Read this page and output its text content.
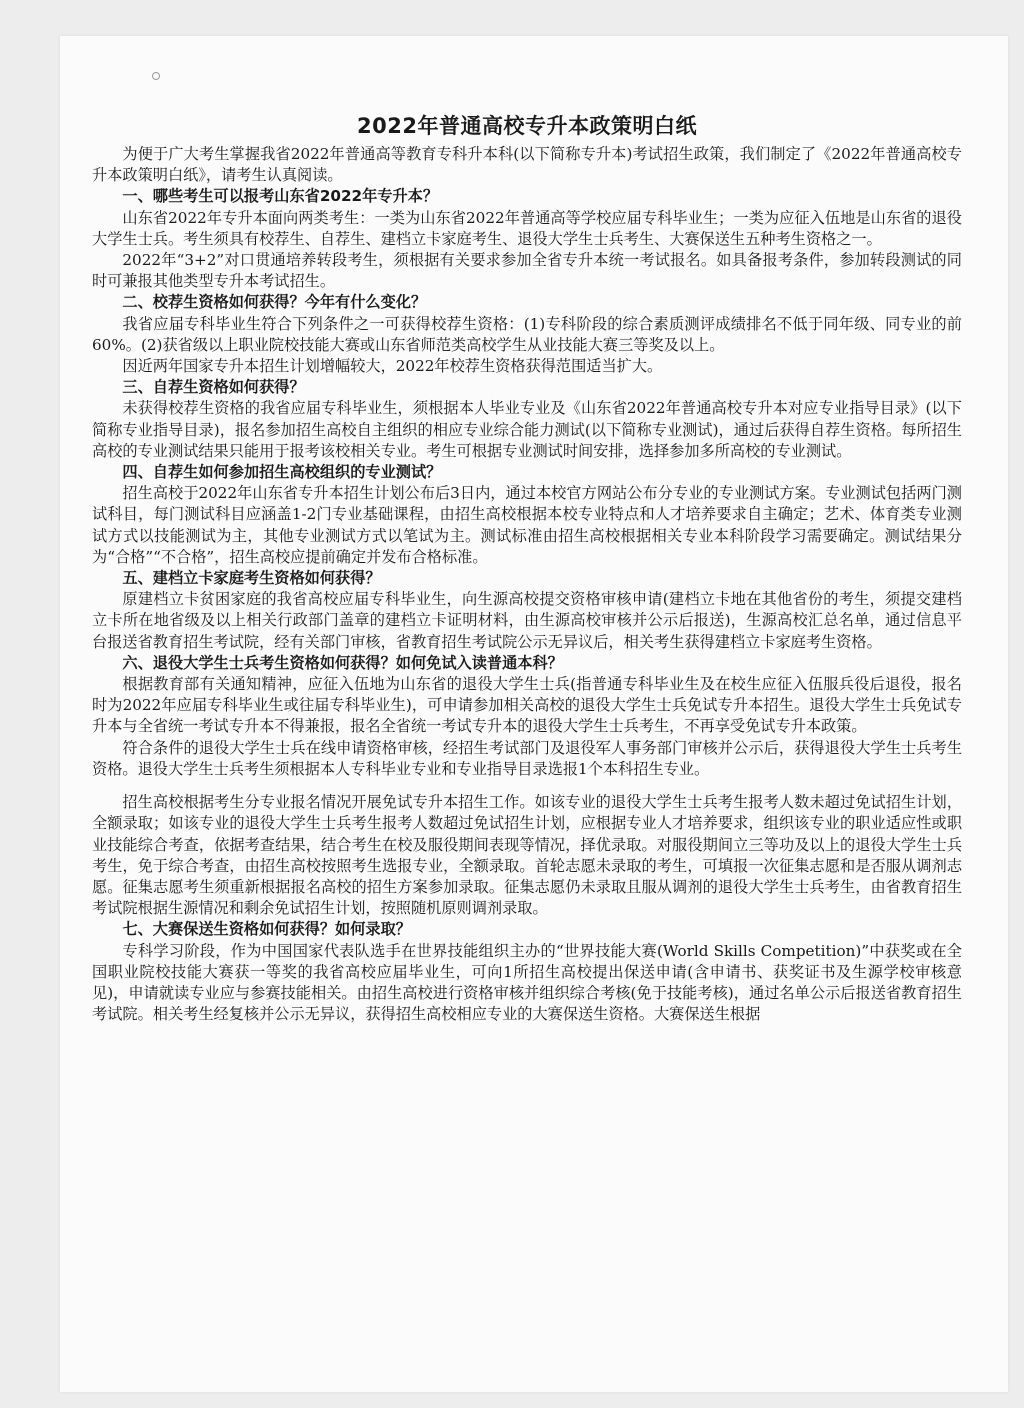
2022年普通高校专升本政策明白纸

为便于广大考生掌握我省2022年普通高等教育专科升本科(以下简称专升本)考试招生政策，我们制定了《2022年普通高校专升本政策明白纸》，请考生认真阅读。

一、哪些考生可以报考山东省2022年专升本？

山东省2022年专升本面向两类考生：一类为山东省2022年普通高等学校应届专科毕业生；一类为应征入伍地是山东省的退役大学生士兵。考生须具有校荐生、自荐生、建档立卡家庭考生、退役大学生士兵考生、大赛保送生五种考生资格之一。

2022年“3+2”对口贯通培养转段考生，须根据有关要求参加全省专升本统一考试报名。如具备报考条件，参加转段测试的同时可兼报其他类型专升本考试招生。

二、校荐生资格如何获得？今年有什么变化？

我省应届专科毕业生符合下列条件之一可获得校荐生资格：(1)专科阶段的综合素质测评成绩排名不低于同年级、同专业的前60%。(2)获省级以上职业院校技能大赛或山东省师范类高校学生从业技能大赛三等奖及以上。

因近两年国家专升本招生计划增幅较大，2022年校荐生资格获得范围适当扩大。

三、自荐生资格如何获得？

未获得校荐生资格的我省应届专科毕业生，须根据本人毕业专业及《山东省2022年普通高校专升本对应专业指导目录》(以下简称专业指导目录)，报名参加招生高校自主组织的相应专业综合能力测试(以下简称专业测试)，通过后获得自荐生资格。每所招生高校的专业测试结果只能用于报考该校相关专业。考生可根据专业测试时间安排，选择参加多所高校的专业测试。

四、自荐生如何参加招生高校组织的专业测试？

招生高校于2022年山东省专升本招生计划公布后3日内，通过本校官方网站公布分专业的专业测试方案。专业测试包括两门测试科目，每门测试科目应涵盖1-2门专业基础课程，由招生高校根据本校专业特点和人才培养要求自主确定；艺术、体育类专业测试方式以技能测试为主，其他专业测试方式以笔试为主。测试标准由招生高校根据相关专业本科阶段学习需要确定。测试结果分为“合格”“不合格”，招生高校应提前确定并发布合格标准。

五、建档立卡家庭考生资格如何获得？

原建档立卡贫困家庭的我省高校应届专科毕业生，向生源高校提交资格审核申请(建档立卡地在其他省份的考生，须提交建档立卡所在地省级及以上相关行政部门盖章的建档立卡证明材料，由生源高校审核并公示后报送)，生源高校汇总名单，通过信息平台报送省教育招生考试院，经有关部门审核，省教育招生考试院公示无异议后，相关考生获得建档立卡家庭考生资格。

六、退役大学生士兵考生资格如何获得？如何免试入读普通本科？

根据教育部有关通知精神，应征入伍地为山东省的退役大学生士兵(指普通专科毕业生及在校生应征入伍服兵役后退役，报名时为2022年应届专科毕业生或往届专科毕业生)，可申请参加相关高校的退役大学生士兵免试专升本招生。退役大学生士兵免试专升本与全省统一考试专升本不得兼报，报名全省统一考试专升本的退役大学生士兵考生，不再享受免试专升本政策。

符合条件的退役大学生士兵在线申请资格审核，经招生考试部门及退役军人事务部门审核并公示后，获得退役大学生士兵考生资格。退役大学生士兵考生须根据本人专科毕业专业和专业指导目录选报1个本科招生专业。

招生高校根据考生分专业报名情况开展免试专升本招生工作。如该专业的退役大学生士兵考生报考人数未超过免试招生计划，全额录取；如该专业的退役大学生士兵考生报考人数超过免试招生计划，应根据专业人才培养要求，组织该专业的职业适应性或职业技能综合考查，依据考查结果，结合考生在校及服役期间表现等情况，择优录取。对服役期间立三等功及以上的退役大学生士兵考生，免于综合考查，由招生高校按照考生选报专业，全额录取。首轮志愿未录取的考生，可填报一次征集志愿和是否服从调剂志愿。征集志愿考生须重新根据报名高校的招生方案参加录取。征集志愿仍未录取且服从调剂的退役大学生士兵考生，由省教育招生考试院根据生源情况和剩余免试招生计划，按照随机原则调剂录取。

七、大赛保送生资格如何获得？如何录取？

专科学习阶段，作为中国国家代表队选手在世界技能组织主办的“世界技能大赛(World Skills Competition)”中获奖或在全国职业院校技能大赛获一等奖的我省高校应届毕业生，可向1所招生高校提出保送申请(含申请书、获奖证书及生源学校审核意见)，申请就读专业应与参赛技能相关。由招生高校进行资格审核并组织综合考核(免于技能考核)，通过名单公示后报送省教育招生考试院。相关考生经复核并公示无异议，获得招生高校相应专业的大赛保送生资格。大赛保送生根据
